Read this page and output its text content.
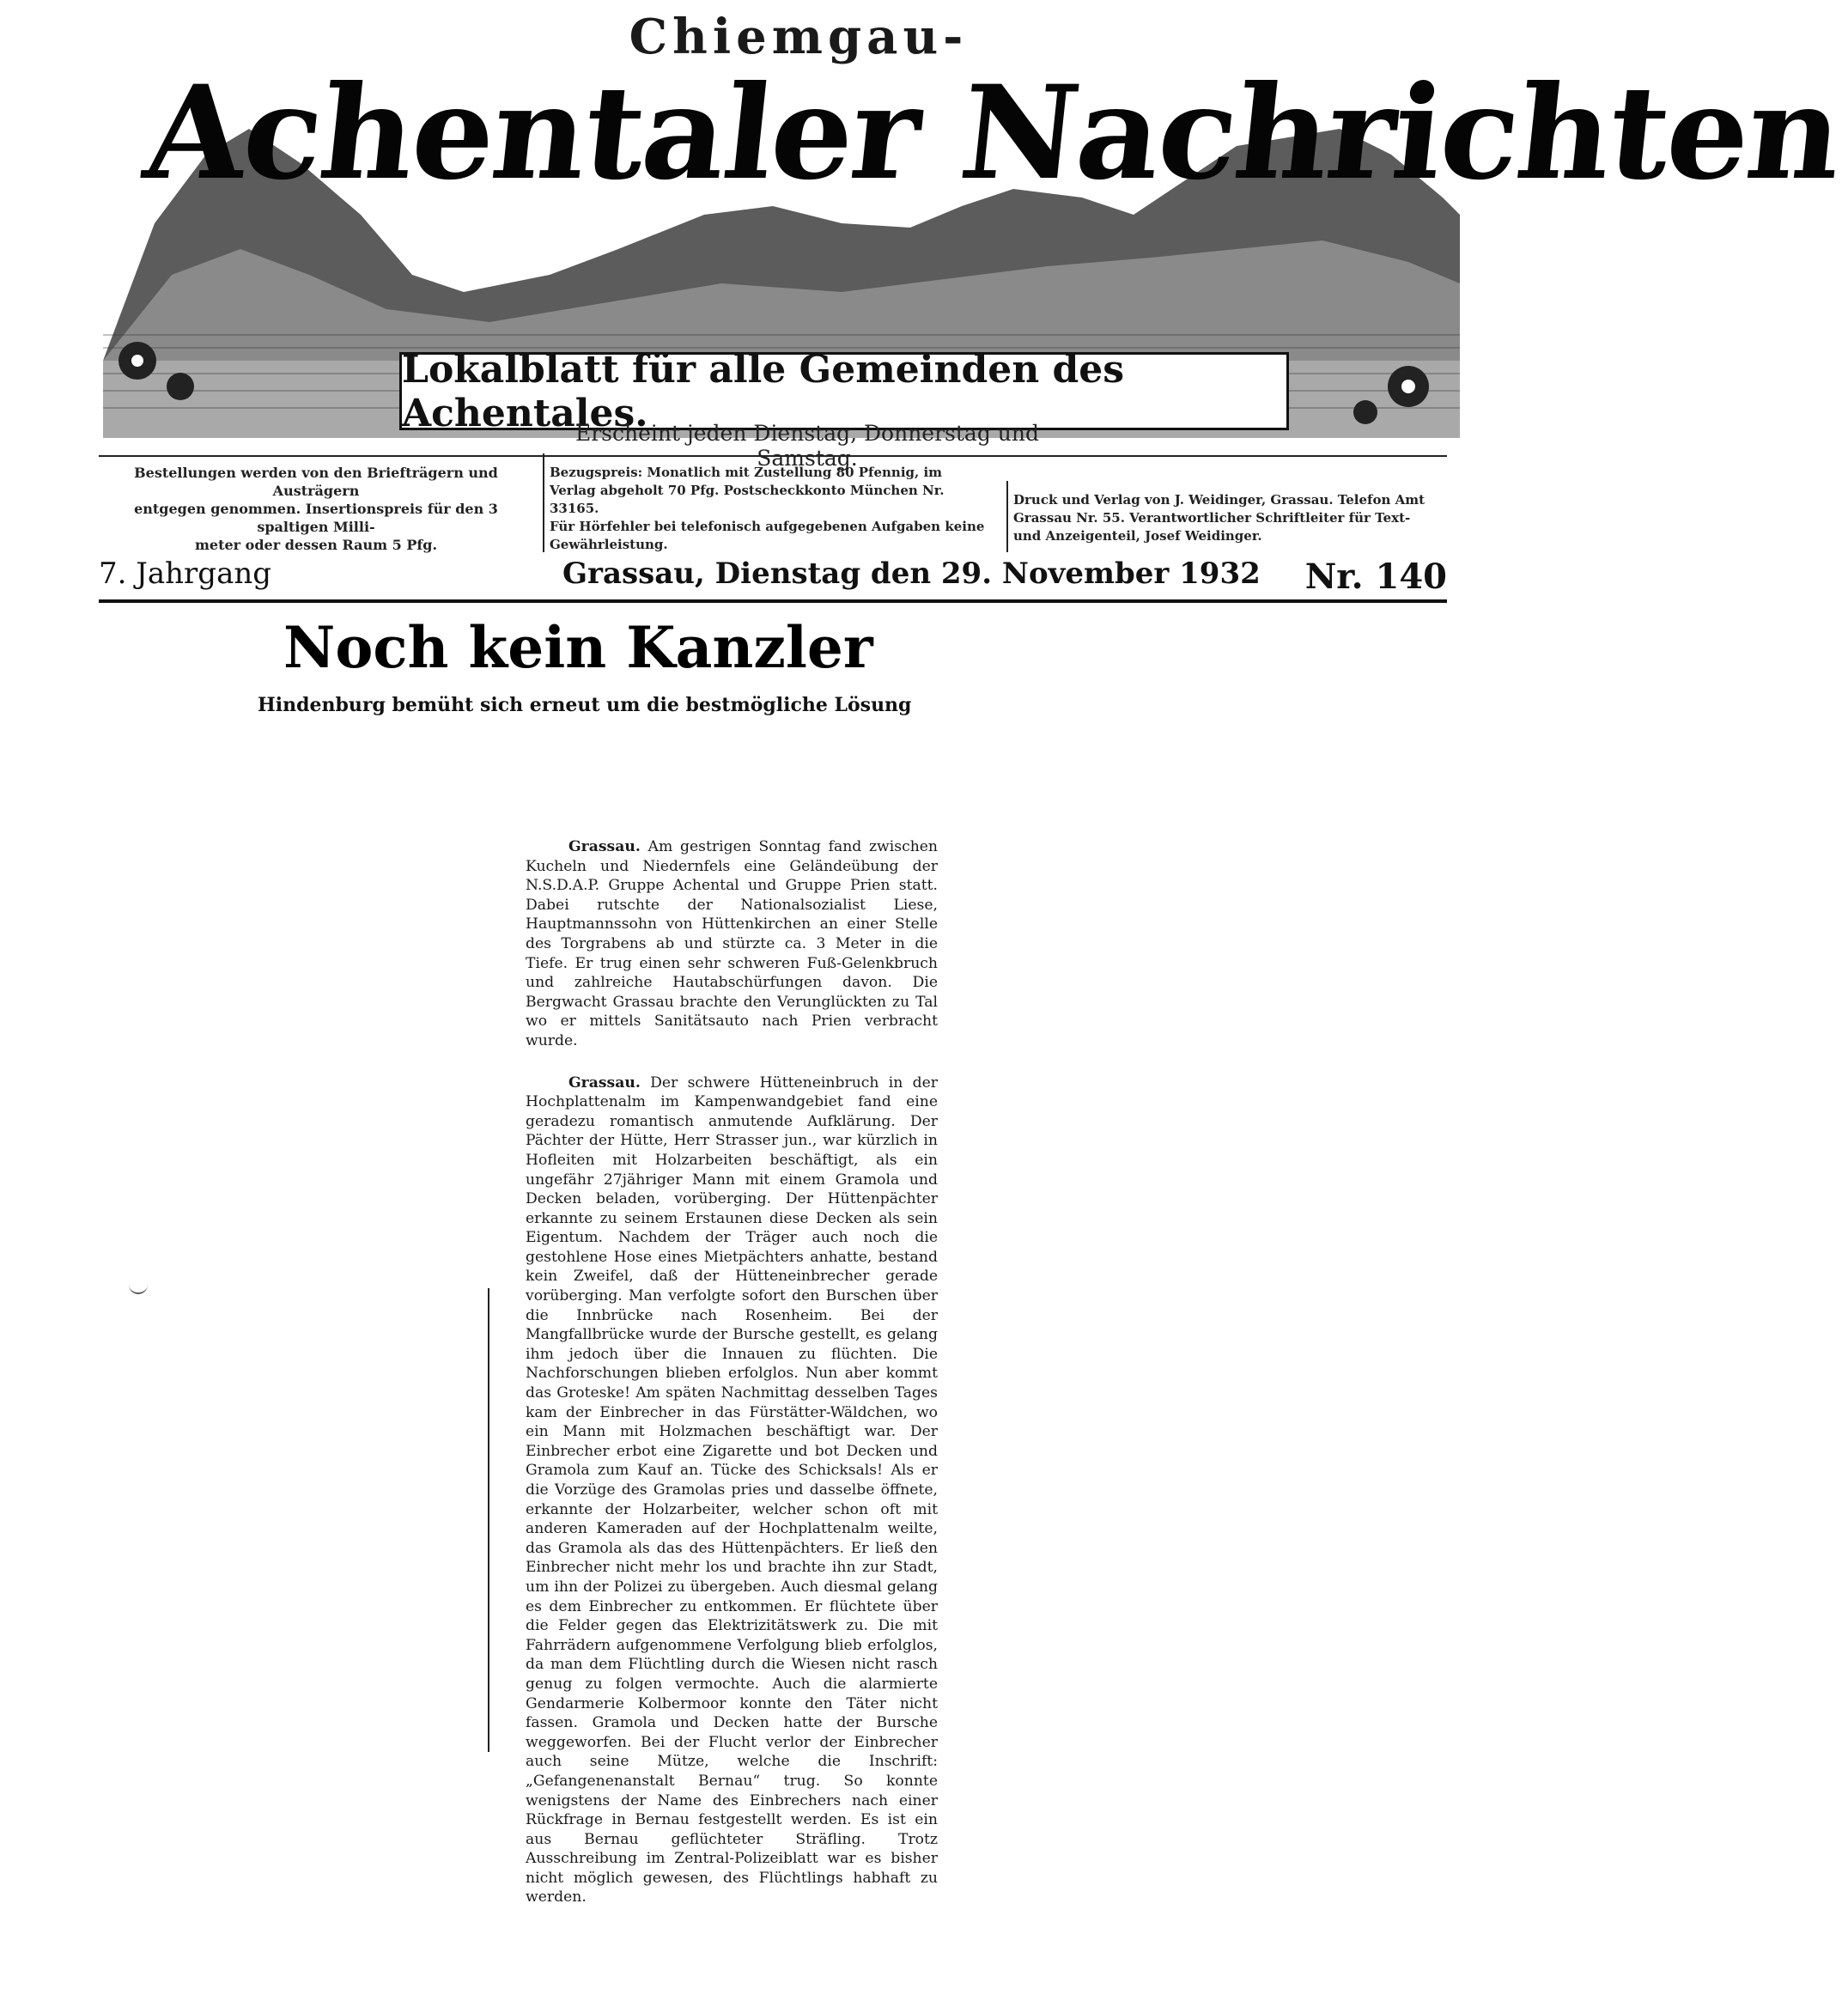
Chiemgau-
Achentaler Nachrichten
Lokalblatt für alle Gemeinden des Achentales.
Erscheint jeden Dienstag, Donnerstag und Samstag.
Bestellungen werden von den Briefträgern und Austrägern
entgegen genommen. Insertionspreis für den 3 spaltigen Milli-
meter oder dessen Raum 5 Pfg.
Bezugspreis: Monatlich mit Zustellung 80 Pfennig, im
Verlag abgeholt 70 Pfg. Postscheckkonto München Nr. 33165.
Für Hörfehler bei telefonisch aufgegebenen Aufgaben keine Gewährleistung.
Druck und Verlag von J. Weidinger, Grassau. Telefon Amt
Grassau Nr. 55. Verantwortlicher Schriftleiter für Text-
und Anzeigenteil, Josef Weidinger.
7. Jahrgang	Grassau, Dienstag den 29. November 1932 Nr. 140
Noch kein Kanzler
Hindenburg bemüht sich erneut um die bestmögliche Lösung

Grassau. Am gestrigen Sonntag fand zwischen Kucheln und Niedernfels eine Geländeübung der N.S.D.A.P. Gruppe Achental und Gruppe Prien statt. Dabei rutschte der Nationalsozialist Liese, Hauptmannssohn von Hüttenkirchen an einer Stelle des Torgrabens ab und stürzte ca. 3 Meter in die Tiefe. Er trug einen sehr schweren Fuß-Gelenkbruch und zahlreiche Hautabschürfungen davon. Die Bergwacht Grassau brachte den Verunglückten zu Tal wo er mittels Sanitätsauto nach Prien verbracht wurde.

Grassau. Der schwere Hütteneinbruch in der Hochplattenalm im Kampenwandgebiet fand eine geradezu romantisch anmutende Aufklärung. Der Pächter der Hütte, Herr Strasser jun., war kürzlich in Hofleiten mit Holzarbeiten beschäftigt, als ein ungefähr 27jähriger Mann mit einem Gramola und Decken beladen, vorüberging. Der Hüttenpächter erkannte zu seinem Erstaunen diese Decken als sein Eigentum. Nachdem der Träger auch noch die gestohlene Hose eines Mietpächters anhatte, bestand kein Zweifel, daß der Hütteneinbrecher gerade vorüberging. Man verfolgte sofort den Burschen über die Innbrücke nach Rosenheim. Bei der Mangfallbrücke wurde der Bursche gestellt, es gelang ihm jedoch über die Innauen zu flüchten. Die Nachforschungen blieben erfolglos. Nun aber kommt das Groteske! Am späten Nachmittag desselben Tages kam der Einbrecher in das Fürstätter-Wäldchen, wo ein Mann mit Holzmachen beschäftigt war. Der Einbrecher erbot eine Zigarette und bot Decken und Gramola zum Kauf an. Tücke des Schicksals! Als er die Vorzüge des Gramolas pries und dasselbe öffnete, erkannte der Holzarbeiter, welcher schon oft mit anderen Kameraden auf der Hochplattenalm weilte, das Gramola als das des Hüttenpächters. Er ließ den Einbrecher nicht mehr los und brachte ihn zur Stadt, um ihn der Polizei zu übergeben. Auch diesmal gelang es dem Einbrecher zu entkommen. Er flüchtete über die Felder gegen das Elektrizitätswerk zu. Die mit Fahrrädern aufgenommene Verfolgung blieb erfolglos, da man dem Flüchtling durch die Wiesen nicht rasch genug zu folgen vermochte. Auch die alarmierte Gendarmerie Kolbermoor konnte den Täter nicht fassen. Gramola und Decken hatte der Bursche weggeworfen. Bei der Flucht verlor der Einbrecher auch seine Mütze, welche die Inschrift: „Gefangenenanstalt Bernau“ trug. So konnte wenigstens der Name des Einbrechers nach einer Rückfrage in Bernau festgestellt werden. Es ist ein aus Bernau geflüchteter Sträfling. Trotz Ausschreibung im Zentral-Polizeiblatt war es bisher nicht möglich gewesen, des Flüchtlings habhaft zu werden.
